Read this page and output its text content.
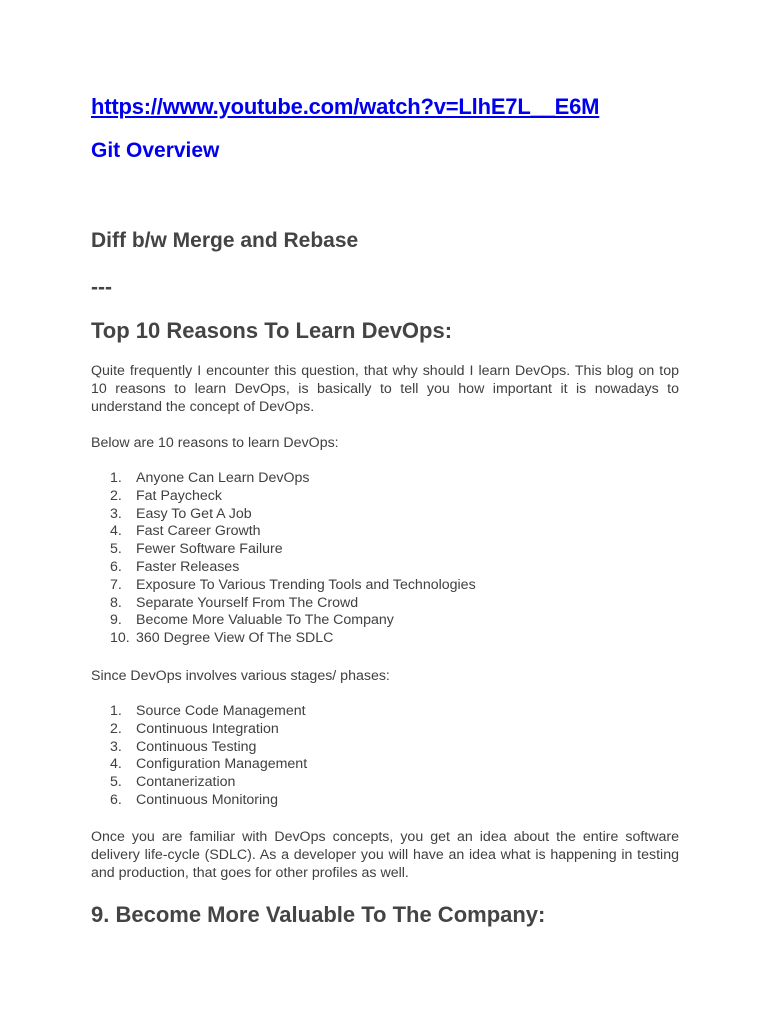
https://www.youtube.com/watch?v=LlhE7L__E6M
Git Overview
Diff b/w Merge and Rebase
---
Top 10 Reasons To Learn DevOps:

Quite frequently I encounter this question, that why should I learn DevOps. This blog on top 10 reasons to learn DevOps, is basically to tell you how important it is nowadays to understand the concept of DevOps.

Below are 10 reasons to learn DevOps:

1. Anyone Can Learn DevOps
2. Fat Paycheck
3. Easy To Get A Job
4. Fast Career Growth
5. Fewer Software Failure
6. Faster Releases
7. Exposure To Various Trending Tools and Technologies
8. Separate Yourself From The Crowd
9. Become More Valuable To The Company
10. 360 Degree View Of The SDLC

Since DevOps involves various stages/ phases:

1. Source Code Management
2. Continuous Integration
3. Continuous Testing
4. Configuration Management
5. Contanerization
6. Continuous Monitoring

Once you are familiar with DevOps concepts, you get an idea about the entire software delivery life-cycle (SDLC). As a developer you will have an idea what is happening in testing and production, that goes for other profiles as well.

9. Become More Valuable To The Company:
